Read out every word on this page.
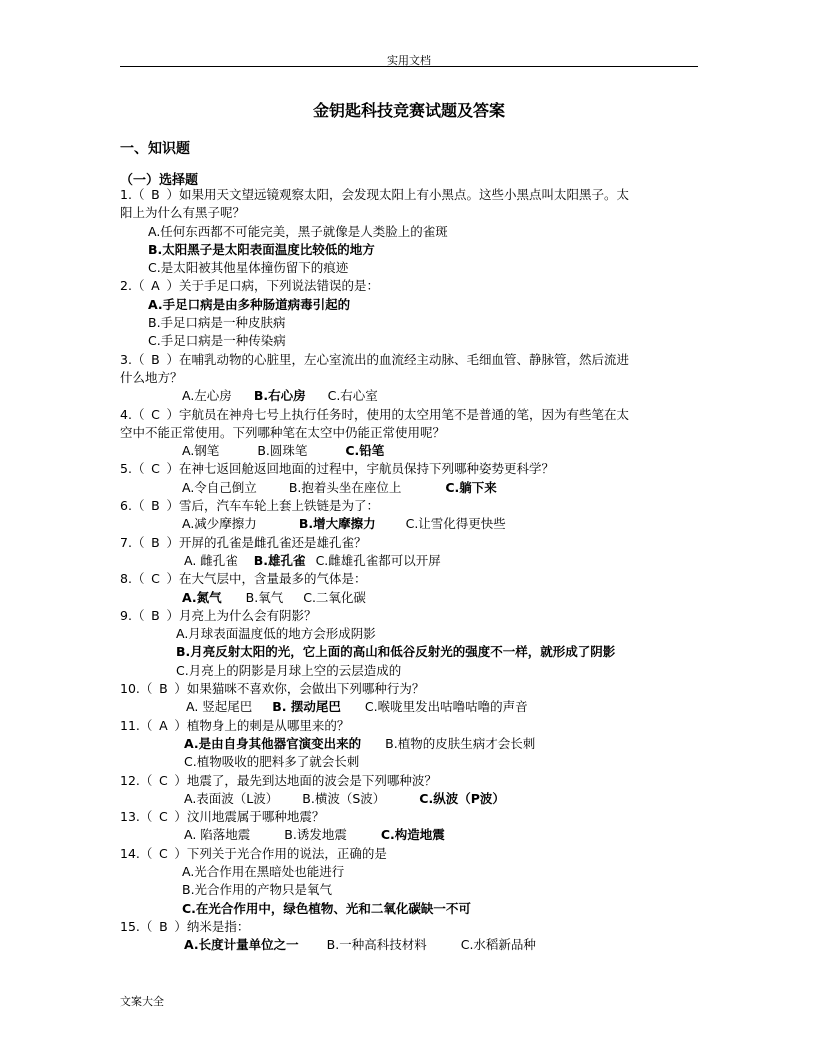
实用文档
金钥匙科技竞赛试题及答案
一、知识题
（一）选择题
1.（ B ）如果用天文望远镜观察太阳，会发现太阳上有小黑点。这些小黑点叫太阳黑子。太
阳上为什么有黑子呢？
A.任何东西都不可能完美，黑子就像是人类脸上的雀斑
B.太阳黑子是太阳表面温度比较低的地方
C.是太阳被其他星体撞伤留下的痕迹
2.（ A ）关于手足口病，下列说法错误的是：
A.手足口病是由多种肠道病毒引起的
B.手足口病是一种皮肤病
C.手足口病是一种传染病
3.（ B ）在哺乳动物的心脏里，左心室流出的血流经主动脉、毛细血管、静脉管，然后流进
什么地方？
A.左心房 B.右心房 C.右心室
4.（ C ）宇航员在神舟七号上执行任务时，使用的太空用笔不是普通的笔，因为有些笔在太
空中不能正常使用。下列哪种笔在太空中仍能正常使用呢？
A.钢笔	B.圆珠笔	C.铅笔
5.（ C ）在神七返回舱返回地面的过程中，宇航员保持下列哪种姿势更科学？
A.令自己倒立	B.抱着头坐在座位上	C.躺下来
6.（ B ）雪后，汽车车轮上套上铁链是为了：
A.减少摩擦力	B.增大摩擦力 C.让雪化得更快些
7.（ B ）开屏的孔雀是雌孔雀还是雄孔雀？
A. 雌孔雀 B.雄孔雀 C.雌雄孔雀都可以开屏
8.（ C ）在大气层中，含量最多的气体是：
A.氮气 B.氧气 C.二氧化碳
9.（ B ）月亮上为什么会有阴影？
A.月球表面温度低的地方会形成阴影
B.月亮反射太阳的光，它上面的高山和低谷反射光的强度不一样，就形成了阴影
C.月亮上的阴影是月球上空的云层造成的
10.（ B ）如果猫咪不喜欢你，会做出下列哪种行为？
A. 竖起尾巴 B. 摆动尾巴 C.喉咙里发出咕噜咕噜的声音
11.（ A ）植物身上的刺是从哪里来的？
A.是由自身其他器官演变出来的 B.植物的皮肤生病才会长刺
C.植物吸收的肥料多了就会长刺
12.（ C ）地震了，最先到达地面的波会是下列哪种波？
A.表面波（L波） B.横波（S波）	C.纵波（P波）
13.（ C ）汶川地震属于哪种地震？
A. 陷落地震	B.诱发地震	C.构造地震
14.（ C ）下列关于光合作用的说法，正确的是
A.光合作用在黑暗处也能进行
B.光合作用的产物只是氧气
C.在光合作用中，绿色植物、光和二氧化碳缺一不可
15.（ B ）纳米是指：
A.长度计量单位之一 B.一种高科技材料	C.水稻新品种
文案大全
